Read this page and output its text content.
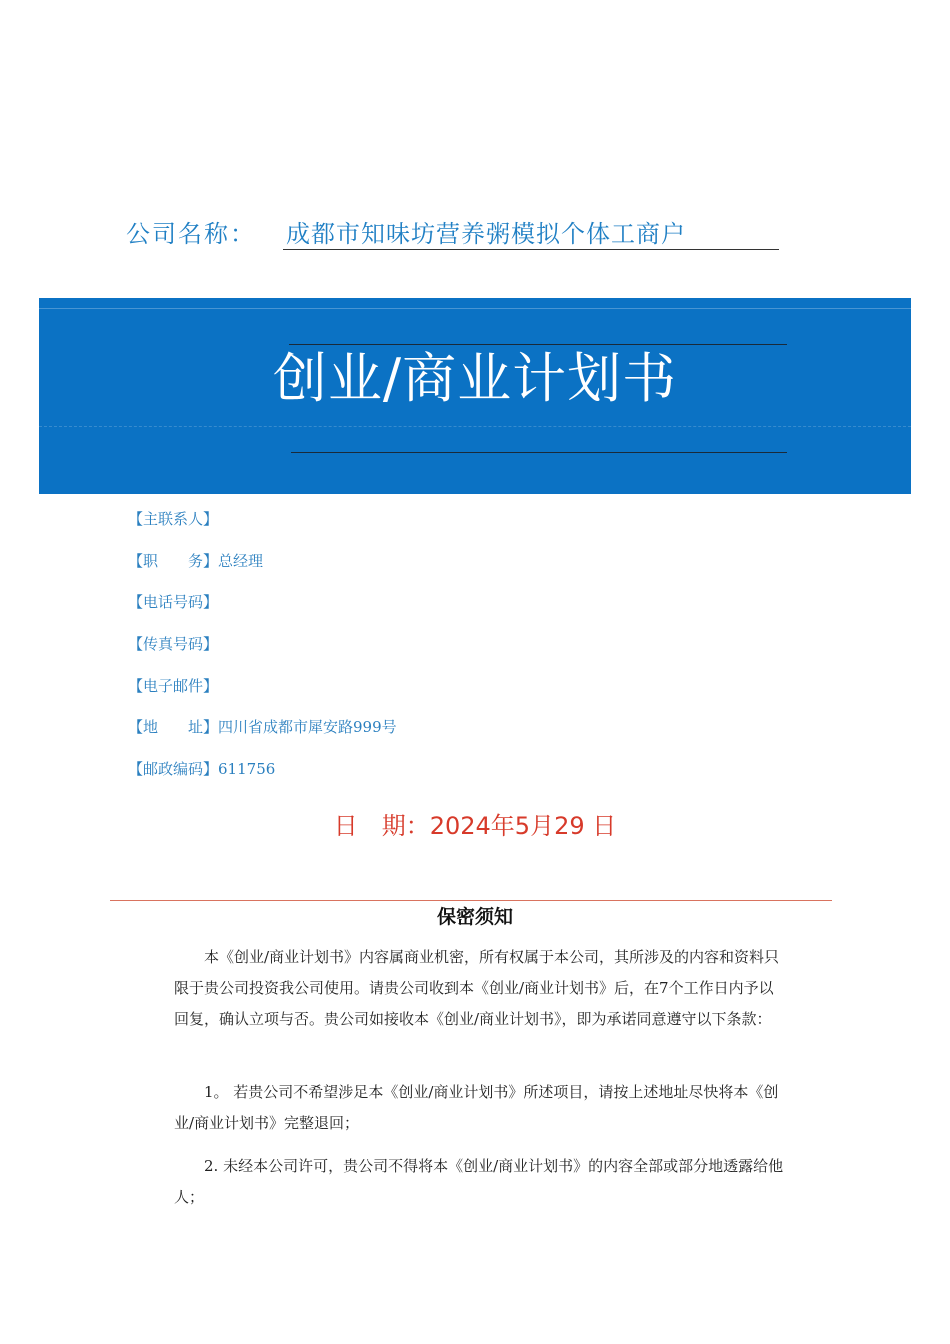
公司名称： 成都市知味坊营养粥模拟个体工商户
创业/商业计划书
【主联系人】
【职　　务】总经理
【电话号码】
【传真号码】
【电子邮件】
【地　　址】四川省成都市犀安路999号
【邮政编码】611756
日　期：2024年5月29 日
保密须知
本《创业/商业计划书》内容属商业机密，所有权属于本公司，其所涉及的内容和资料只限于贵公司投资我公司使用。请贵公司收到本《创业/商业计划书》后，在7个工作日内予以回复，确认立项与否。贵公司如接收本《创业/商业计划书》，即为承诺同意遵守以下条款：
1。 若贵公司不希望涉足本《创业/商业计划书》所述项目，请按上述地址尽快将本《创业/商业计划书》完整退回；
2. 未经本公司许可，贵公司不得将本《创业/商业计划书》的内容全部或部分地透露给他人；
